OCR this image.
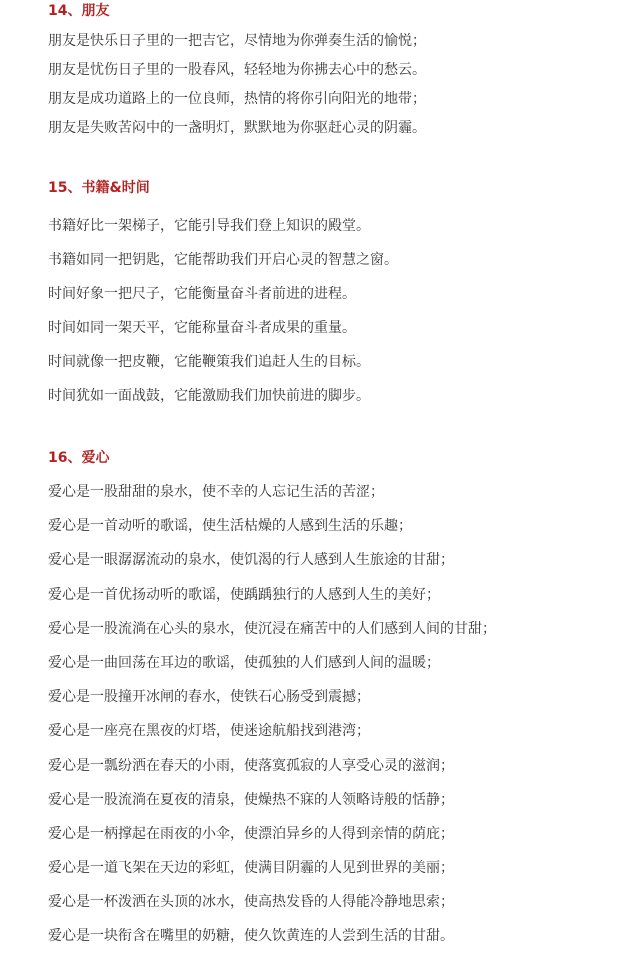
14、朋友

朋友是快乐日子里的一把吉它，尽情地为你弹奏生活的愉悦；

朋友是忧伤日子里的一股春风，轻轻地为你拂去心中的愁云。

朋友是成功道路上的一位良师，热情的将你引向阳光的地带；

朋友是失败苦闷中的一盏明灯，默默地为你驱赶心灵的阴霾。

15、书籍&时间

书籍好比一架梯子，它能引导我们登上知识的殿堂。

书籍如同一把钥匙，它能帮助我们开启心灵的智慧之窗。

时间好象一把尺子，它能衡量奋斗者前进的进程。

时间如同一架天平，它能称量奋斗者成果的重量。

时间就像一把皮鞭，它能鞭策我们追赶人生的目标。

时间犹如一面战鼓，它能激励我们加快前进的脚步。

16、爱心

爱心是一股甜甜的泉水，使不幸的人忘记生活的苦涩；

爱心是一首动听的歌谣，使生活枯燥的人感到生活的乐趣；

爱心是一眼潺潺流动的泉水，使饥渴的行人感到人生旅途的甘甜；

爱心是一首优扬动听的歌谣，使踽踽独行的人感到人生的美好；

爱心是一股流淌在心头的泉水，使沉浸在痛苦中的人们感到人间的甘甜；

爱心是一曲回荡在耳边的歌谣，使孤独的人们感到人间的温暖；

爱心是一股撞开冰闸的春水，使铁石心肠受到震撼；

爱心是一座亮在黑夜的灯塔，使迷途航船找到港湾；

爱心是一瓢纷洒在春天的小雨，使落寞孤寂的人享受心灵的滋润；

爱心是一股流淌在夏夜的清泉，使燥热不寐的人领略诗般的恬静；

爱心是一柄撑起在雨夜的小伞，使漂泊异乡的人得到亲情的荫庇；

爱心是一道飞架在天边的彩虹，使满目阴霾的人见到世界的美丽；

爱心是一杯泼洒在头顶的冰水，使高热发昏的人得能冷静地思索；

爱心是一块衔含在嘴里的奶糖，使久饮黄连的人尝到生活的甘甜。
